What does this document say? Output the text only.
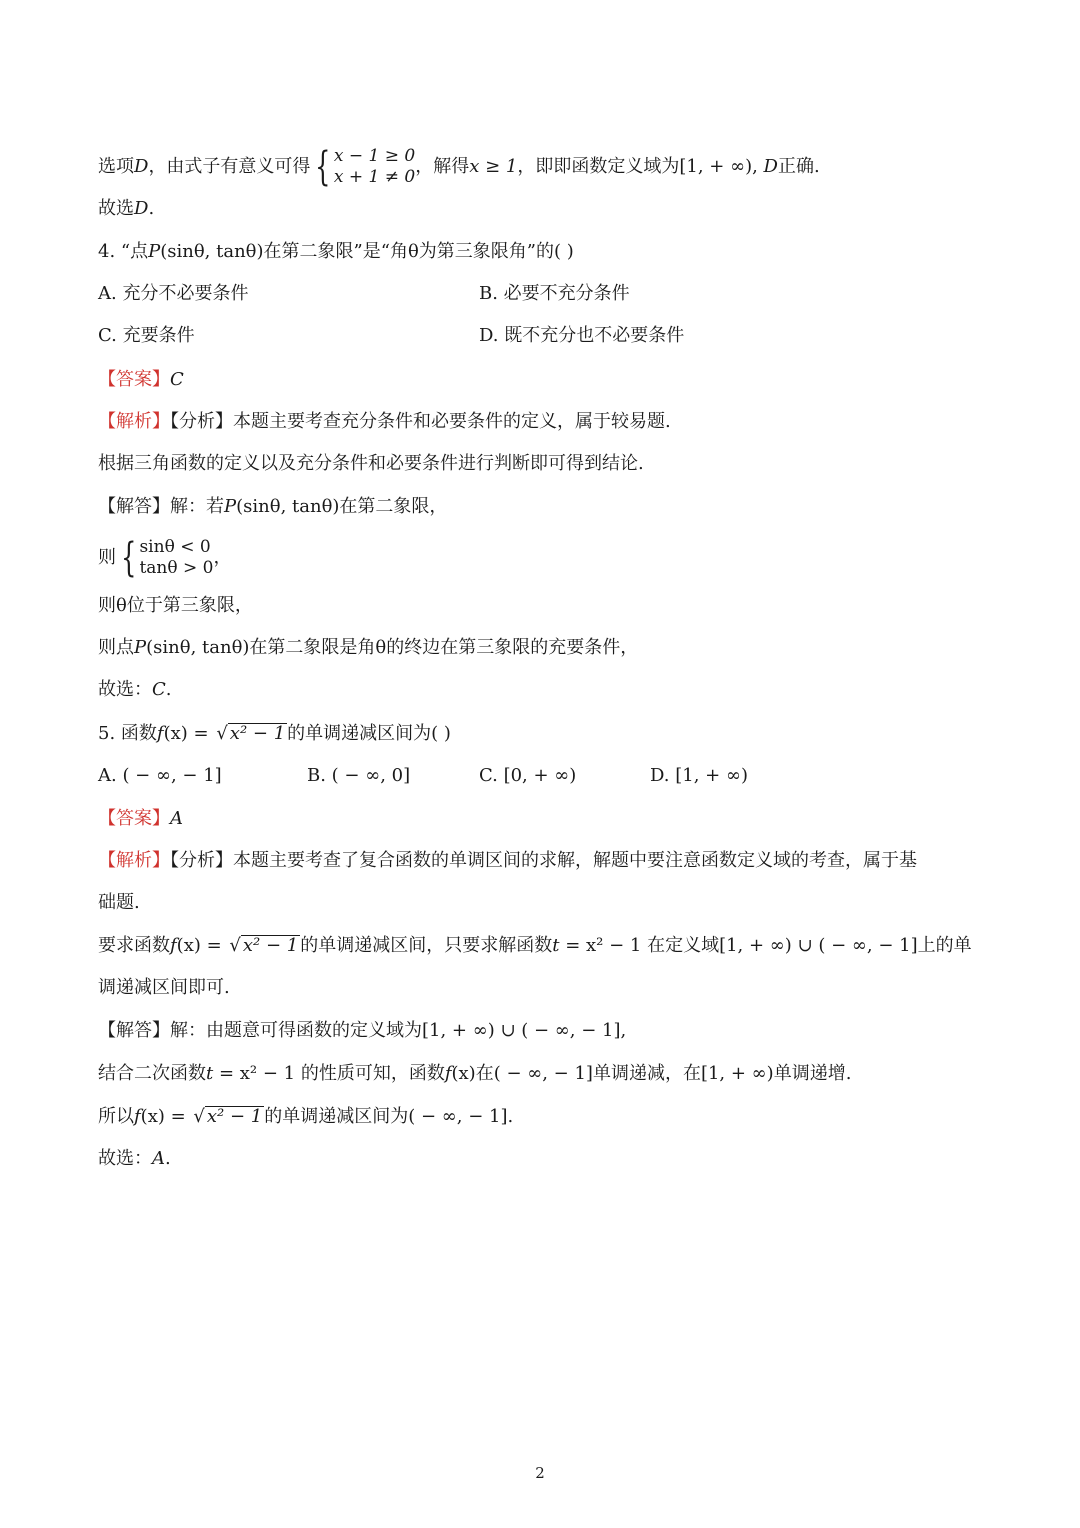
选项D，由式子有意义可得 { x − 1 ≥ 0
x + 1 ≠ 0 ，解得x ≥ 1，即即函数定义域为[1, + ∞), D正确.
故选D.
4. “点P(sinθ, tanθ)在第二象限”是“角θ为第三象限角”的( )
A. 充分不必要条件	B. 必要不充分条件
C. 充要条件	D. 既不充分也不必要条件
【答案】C
【解析】【分析】本题主要考查充分条件和必要条件的定义，属于较易题.
根据三角函数的定义以及充分条件和必要条件进行判断即可得到结论.
【解答】解：若P(sinθ, tanθ)在第二象限，
则 { sinθ < 0
tanθ > 0 ，
则θ位于第三象限，
则点P(sinθ, tanθ)在第二象限是角θ的终边在第三象限的充要条件，
故选：C.
5. 函数f(x) = √ x² − 1 的单调递减区间为( )
A. ( − ∞, − 1]	B. ( − ∞, 0]	C. [0, + ∞)	D. [1, + ∞)
【答案】A
【解析】【分析】本题主要考查了复合函数的单调区间的求解，解题中要注意函数定义域的考查，属于基
础题.
要求函数f(x) = √ x² − 1 的单调递减区间，只要求解函数t = x² − 1 在定义域[1, + ∞) ∪ ( − ∞, − 1]上的单
调递减区间即可.
【解答】解：由题意可得函数的定义域为[1, + ∞) ∪ ( − ∞, − 1],
结合二次函数t = x² − 1 的性质可知，函数f(x)在( − ∞, − 1]单调递减，在[1, + ∞)单调递增.
所以f(x) = √ x² − 1 的单调递减区间为( − ∞, − 1].
故选：A.
2
